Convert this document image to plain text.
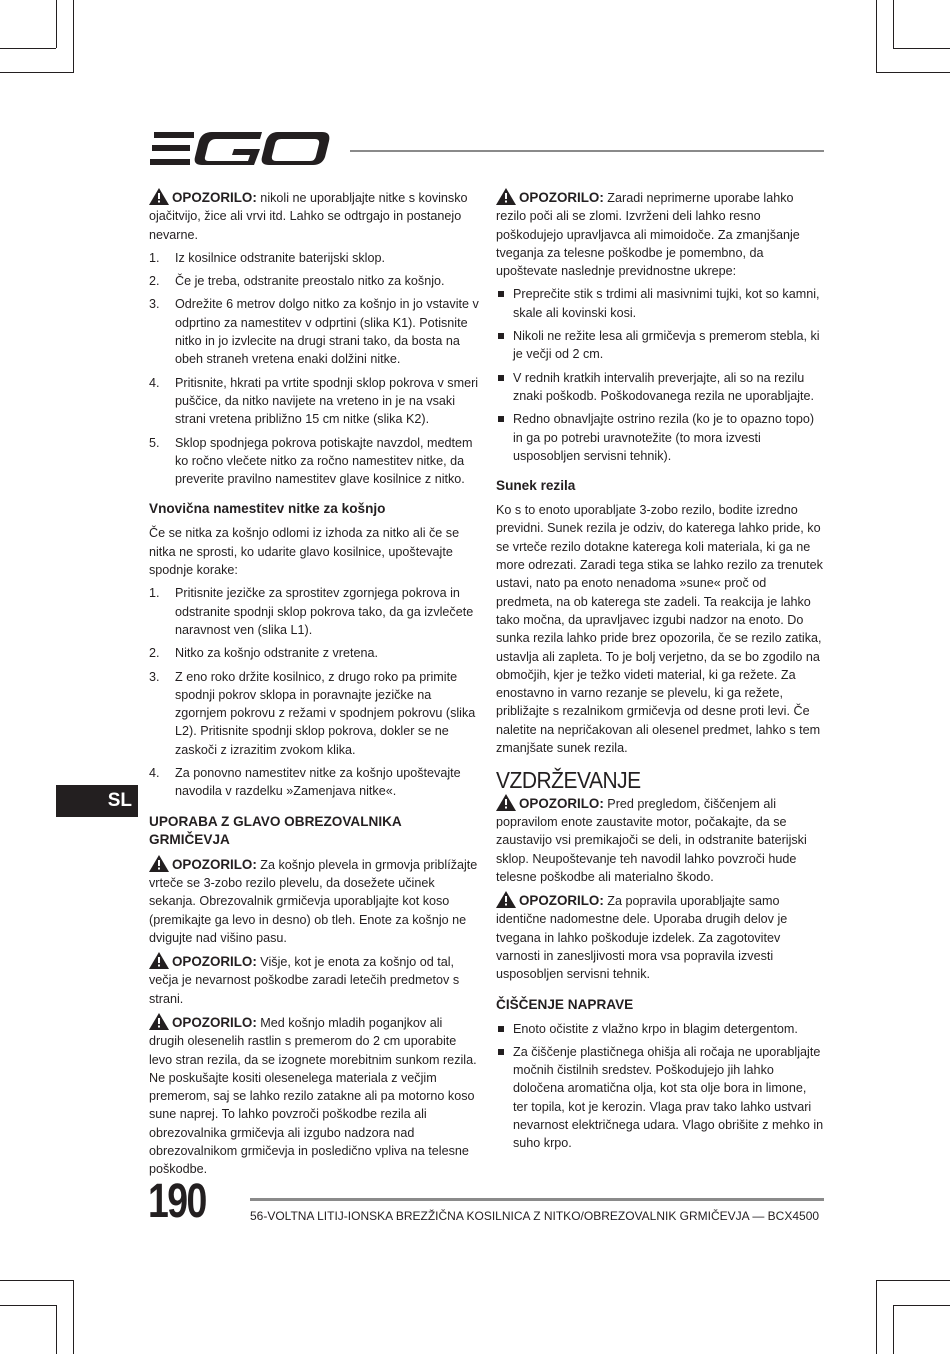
OPOZORILO: nikoli ne uporabljajte nitke s kovinsko ojačitvijo, žice ali vrvi itd. Lahko se odtrgajo in postanejo nevarne.

1. Iz kosilnice odstranite baterijski sklop.
2. Če je treba, odstranite preostalo nitko za košnjo.
3. Odrežite 6 metrov dolgo nitko za košnjo in jo vstavite v odprtino za namestitev v odprtini (slika K1). Potisnite nitko in jo izvlecite na drugi strani tako, da bosta na obeh straneh vretena enaki dolžini nitke.
4. Pritisnite, hkrati pa vrtite spodnji sklop pokrova v smeri puščice, da nitko navijete na vreteno in je na vsaki strani vretena približno 15 cm nitke (slika K2).
5. Sklop spodnjega pokrova potiskajte navzdol, medtem ko ročno vlečete nitko za ročno namestitev nitke, da preverite pravilno namestitev glave kosilnice z nitko.
Vnovična namestitev nitke za košnjo

Če se nitka za košnjo odlomi iz izhoda za nitko ali če se nitka ne sprosti, ko udarite glavo kosilnice, upoštevajte spodnje korake:

1. Pritisnite jezičke za sprostitev zgornjega pokrova in odstranite spodnji sklop pokrova tako, da ga izvlečete naravnost ven (slika L1).
2. Nitko za košnjo odstranite z vretena.
3. Z eno roko držite kosilnico, z drugo roko pa primite spodnji pokrov sklopa in poravnajte jezičke na zgornjem pokrovu z režami v spodnjem pokrovu (slika L2). Pritisnite spodnji sklop pokrova, dokler se ne zaskoči z izrazitim zvokom klika.
4. Za ponovno namestitev nitke za košnjo upoštevajte navodila v razdelku »Zamenjava nitke«.
UPORABA Z GLAVO OBREZOVALNIKA GRMIČEVJA

OPOZORILO: Za košnjo plevela in grmovja priblížajte vrteče se 3-zobo rezilo plevelu, da dosežete učinek sekanja. Obrezovalnik grmičevja uporabljajte kot koso (premikajte ga levo in desno) ob tleh. Enote za košnjo ne dvigujte nad višino pasu.

OPOZORILO: Višje, kot je enota za košnjo od tal, večja je nevarnost poškodbe zaradi letečih predmetov s strani.

OPOZORILO: Med košnjo mladih poganjkov ali drugih olesenelih rastlin s premerom do 2 cm uporabite levo stran rezila, da se izognete morebitnim sunkom rezila. Ne poskušajte kositi olesenelega materiala z večjim premerom, saj se lahko rezilo zatakne ali pa motorno koso sune naprej. To lahko povzroči poškodbe rezila ali obrezovalnika grmičevja ali izgubo nadzora nad obrezovalnikom grmičevja in posledično vpliva na telesne poškodbe.

OPOZORILO: Zaradi neprimerne uporabe lahko rezilo poči ali se zlomi. Izvrženi deli lahko resno poškodujejo upravljavca ali mimoidoče. Za zmanjšanje tveganja za telesne poškodbe je pomembno, da upoštevate naslednje previdnostne ukrepe:

Preprečite stik s trdimi ali masivnimi tujki, kot so kamni, skale ali kovinski kosi.
Nikoli ne režite lesa ali grmičevja s premerom stebla, ki je večji od 2 cm.
V rednih kratkih intervalih preverjajte, ali so na rezilu znaki poškodb. Poškodovanega rezila ne uporabljajte.
Redno obnavljajte ostrino rezila (ko je to opazno topo) in ga po potrebi uravnotežite (to mora izvesti usposobljen servisni tehnik).
Sunek rezila

Ko s to enoto uporabljate 3-zobo rezilo, bodite izredno previdni. Sunek rezila je odziv, do katerega lahko pride, ko se vrteče rezilo dotakne katerega koli materiala, ki ga ne more odrezati. Zaradi tega stika se lahko rezilo za trenutek ustavi, nato pa enoto nenadoma »sune« proč od predmeta, na ob katerega ste zadeli. Ta reakcija je lahko tako močna, da upravljavec izgubi nadzor na enoto. Do sunka rezila lahko pride brez opozorila, če se rezilo zatika, ustavlja ali zapleta. To je bolj verjetno, da se bo zgodilo na območjih, kjer je težko videti material, ki ga režete. Za enostavno in varno rezanje se plevelu, ki ga režete, približajte s rezalnikom grmičevja od desne proti levi. Če naletite na nepričakovan ali olesenel predmet, lahko s tem zmanjšate sunek rezila.

VZDRŽEVANJE

OPOZORILO: Pred pregledom, čiščenjem ali popravilom enote zaustavite motor, počakajte, da se zaustavijo vsi premikajoči se deli, in odstranite baterijski sklop. Neupoštevanje teh navodil lahko povzroči hude telesne poškodbe ali materialno škodo.

OPOZORILO: Za popravila uporabljajte samo identične nadomestne dele. Uporaba drugih delov je tvegana in lahko poškoduje izdelek. Za zagotovitev varnosti in zanesljivosti mora vsa popravila izvesti usposobljen servisni tehnik.

ČIŠČENJE NAPRAVE
Enoto očistite z vlažno krpo in blagim detergentom.
Za čiščenje plastičnega ohišja ali ročaja ne uporabljajte močnih čistilnih sredstev. Poškodujejo jih lahko določena aromatična olja, kot sta olje bora in limone, ter topila, kot je kerozin. Vlaga prav tako lahko ustvari nevarnost električnega udara. Vlago obrišite z mehko in suho krpo.
SL
190	56-VOLTNA LITIJ-IONSKA BREZŽIČNA KOSILNICA Z NITKO/OBREZOVALNIK GRMIČEVJA — BCX4500
